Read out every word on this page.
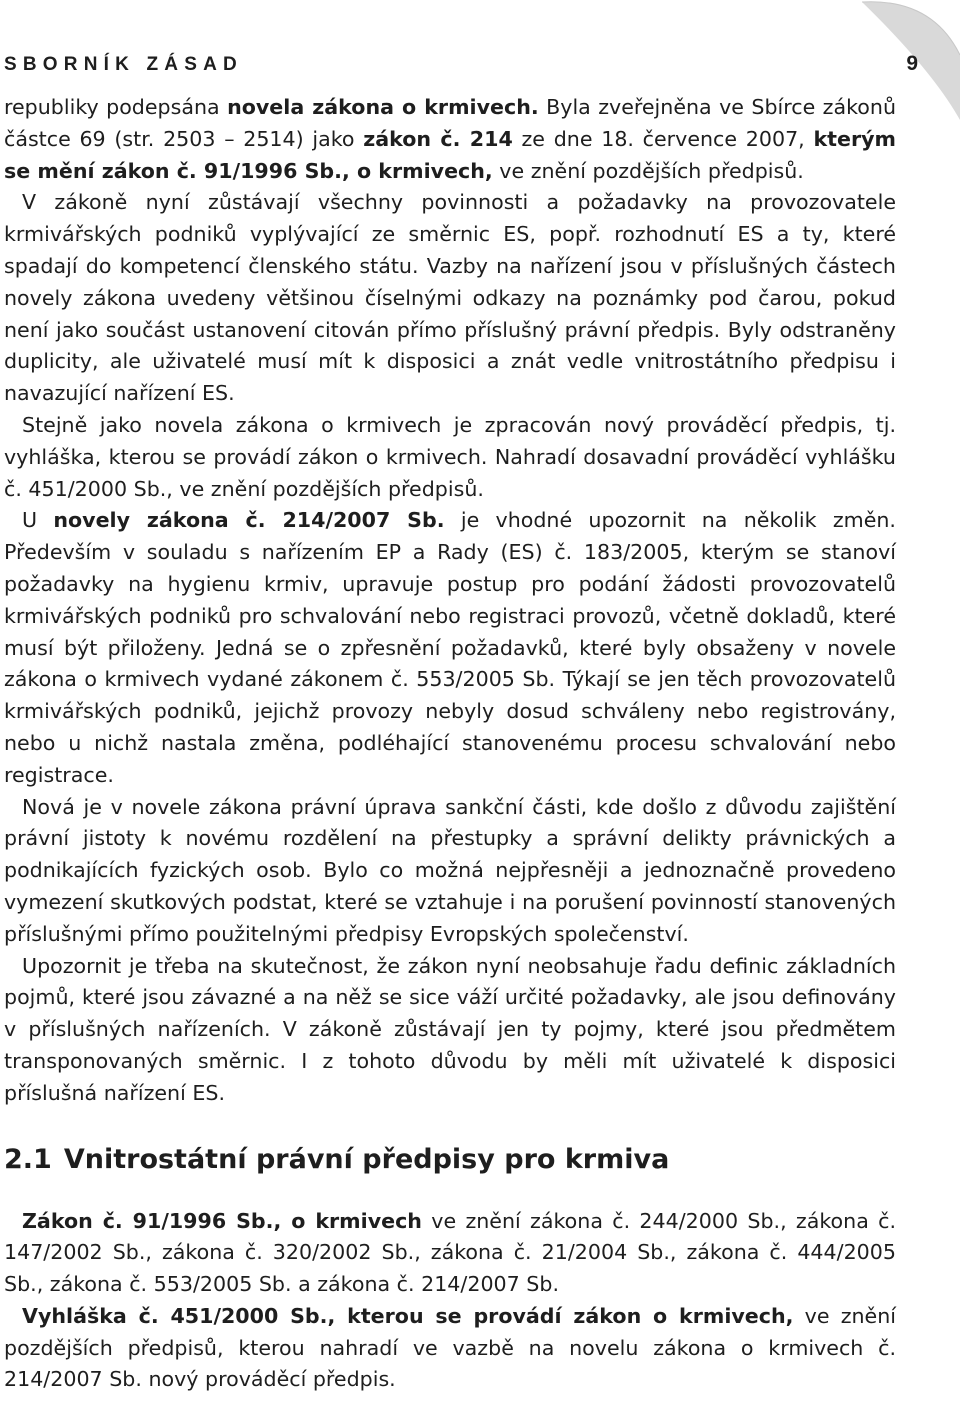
SBORNÍK ZÁSAD	9

republiky podepsána novela zákona o krmivech. Byla zveřejněna ve Sbírce zákonů částce 69 (str. 2503 – 2514) jako zákon č. 214 ze dne 18. července 2007, kterým se mění zákon č. 91/1996 Sb., o krmivech, ve znění pozdějších předpisů.

V zákoně nyní zůstávají všechny povinnosti a požadavky na provozovatele krmivářských podniků vyplývající ze směrnic ES, popř. rozhodnutí ES a ty, které spadají do kompetencí členského státu. Vazby na nařízení jsou v příslušných částech novely zákona uvedeny většinou číselnými odkazy na poznámky pod čarou, pokud není jako součást ustanovení citován přímo příslušný právní předpis. Byly odstraněny duplicity, ale uživatelé musí mít k disposici a znát vedle vnitrostátního předpisu i navazující nařízení ES.

Stejně jako novela zákona o krmivech je zpracován nový prováděcí předpis, tj. vyhláška, kterou se provádí zákon o krmivech. Nahradí dosavadní prováděcí vyhlášku č. 451/2000 Sb., ve znění pozdějších předpisů.

U novely zákona č. 214/2007 Sb. je vhodné upozornit na několik změn. Především v souladu s nařízením EP a Rady (ES) č. 183/2005, kterým se stanoví požadavky na hygienu krmiv, upravuje postup pro podání žádosti provozovatelů krmivářských podniků pro schvalování nebo registraci provozů, včetně dokladů, které musí být přiloženy. Jedná se o zpřesnění požadavků, které byly obsaženy v novele zákona o krmivech vydané zákonem č. 553/2005 Sb. Týkají se jen těch provozovatelů krmivářských podniků, jejichž provozy nebyly dosud schváleny nebo registrovány, nebo u nichž nastala změna, podléhající stanovenému procesu schvalování nebo registrace.

Nová je v novele zákona právní úprava sankční části, kde došlo z důvodu zajištění právní jistoty k novému rozdělení na přestupky a správní delikty právnických a podnikajících fyzických osob. Bylo co možná nejpřesněji a jednoznačně provedeno vymezení skutkových podstat, které se vztahuje i na porušení povinností stanovených příslušnými přímo použitelnými předpisy Evropských společenství.

Upozornit je třeba na skutečnost, že zákon nyní neobsahuje řadu definic základních pojmů, které jsou závazné a na něž se sice váží určité požadavky, ale jsou definovány v příslušných nařízeních. V zákoně zůstávají jen ty pojmy, které jsou předmětem transponovaných směrnic. I z tohoto důvodu by měli mít uživatelé k disposici příslušná nařízení ES.

2.1 Vnitrostátní právní předpisy pro krmiva

Zákon č. 91/1996 Sb., o krmivech ve znění zákona č. 244/2000 Sb., zákona č. 147/2002 Sb., zákona č. 320/2002 Sb., zákona č. 21/2004 Sb., zákona č. 444/2005 Sb., zákona č. 553/2005 Sb. a zákona č. 214/2007 Sb.

Vyhláška č. 451/2000 Sb., kterou se provádí zákon o krmivech, ve znění pozdějších předpisů, kterou nahradí ve vazbě na novelu zákona o krmivech č. 214/2007 Sb. nový prováděcí předpis.
